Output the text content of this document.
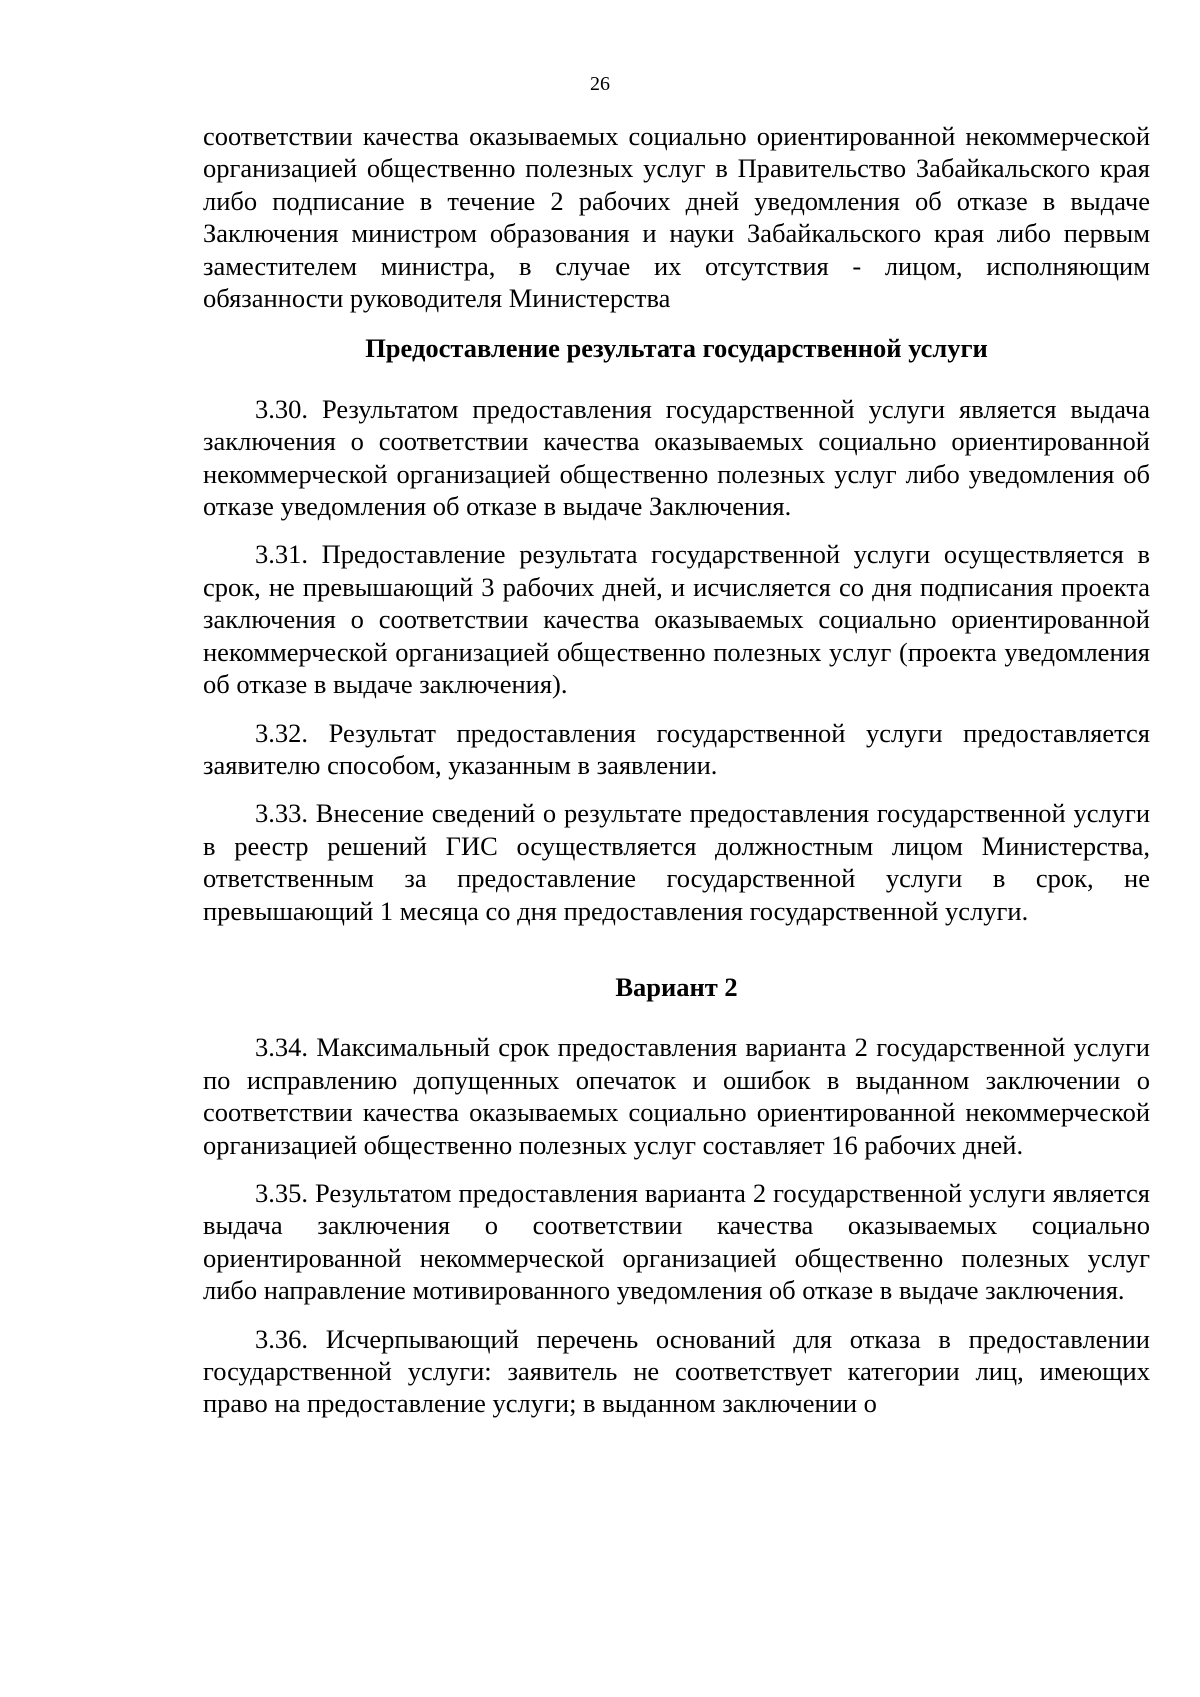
26

соответствии качества оказываемых социально ориентированной некоммерческой организацией общественно полезных услуг в Правительство Забайкальского края либо подписание в течение 2 рабочих дней уведомления об отказе в выдаче Заключения министром образования и науки Забайкальского края либо первым заместителем министра, в случае их отсутствия - лицом, исполняющим обязанности руководителя Министерства

Предоставление результата государственной услуги

3.30. Результатом предоставления государственной услуги является выдача заключения о соответствии качества оказываемых социально ориентированной некоммерческой организацией общественно полезных услуг либо уведомления об отказе уведомления об отказе в выдаче Заключения.

3.31. Предоставление результата государственной услуги осуществляется в срок, не превышающий 3 рабочих дней, и исчисляется со дня подписания проекта заключения о соответствии качества оказываемых социально ориентированной некоммерческой организацией общественно полезных услуг (проекта уведомления об отказе в выдаче заключения).

3.32. Результат предоставления государственной услуги предоставляется заявителю способом, указанным в заявлении.

3.33. Внесение сведений о результате предоставления государственной услуги в реестр решений ГИС осуществляется должностным лицом Министерства, ответственным за предоставление государственной услуги в срок, не превышающий 1 месяца со дня предоставления государственной услуги.

Вариант 2

3.34. Максимальный срок предоставления варианта 2 государственной услуги по исправлению допущенных опечаток и ошибок в выданном заключении о соответствии качества оказываемых социально ориентированной некоммерческой организацией общественно полезных услуг составляет 16 рабочих дней.

3.35. Результатом предоставления варианта 2 государственной услуги является выдача заключения о соответствии качества оказываемых социально ориентированной некоммерческой организацией общественно полезных услуг либо направление мотивированного уведомления об отказе в выдаче заключения.

3.36. Исчерпывающий перечень оснований для отказа в предоставлении государственной услуги: заявитель не соответствует категории лиц, имеющих право на предоставление услуги; в выданном заключении о
